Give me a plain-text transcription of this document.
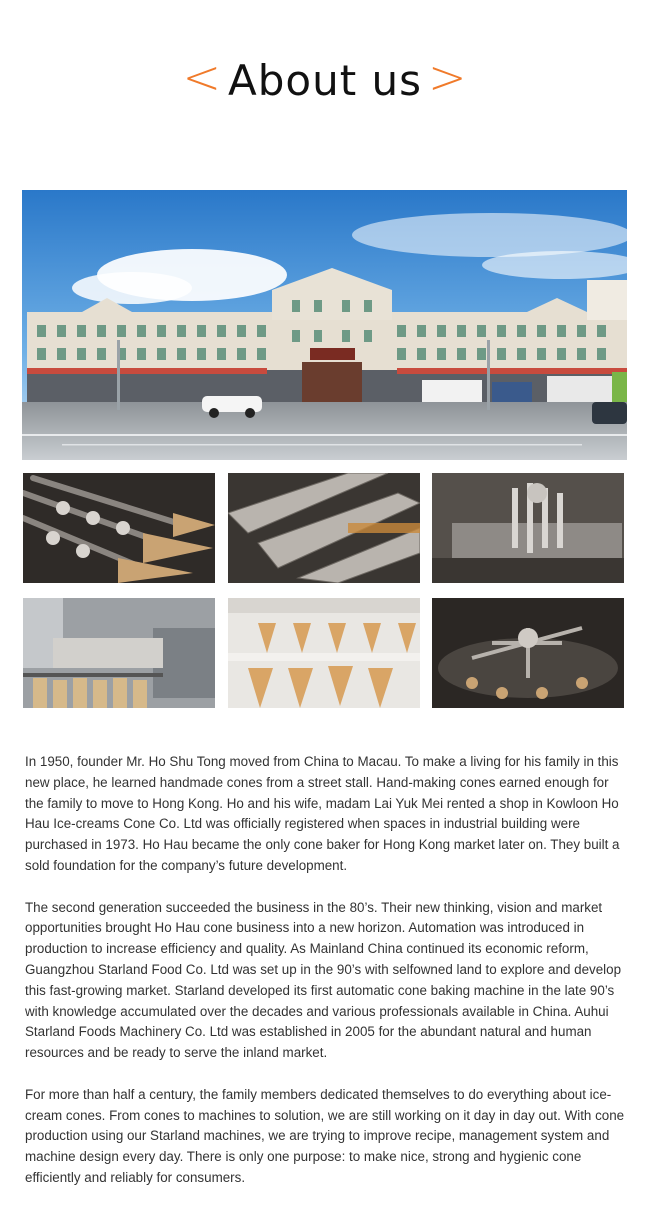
< About us >

In 1950, founder Mr. Ho Shu Tong moved from China to Macau. To make a living for his family in this new place, he learned handmade cones from a street stall. Hand-making cones earned enough for the family to move to Hong Kong. Ho and his wife, madam Lai Yuk Mei rented a shop in Kowloon Ho Hau Ice-creams Cone Co. Ltd was officially registered when spaces in industrial building were purchased in 1973. Ho Hau became the only cone baker for Hong Kong market later on. They built a sold foundation for the company’s future development.

The second generation succeeded the business in the 80’s. Their new thinking, vision and market opportunities brought Ho Hau cone business into a new horizon. Automation was introduced in production to increase efficiency and quality. As Mainland China continued its economic reform, Guangzhou Starland Food Co. Ltd was set up in the 90’s with selfowned land to explore and develop this fast-growing market. Starland developed its first automatic cone baking machine in the late 90’s with knowledge accumulated over the decades and various professionals available in China. Auhui Starland Foods Machinery Co. Ltd was established in 2005 for the abundant natural and human resources and be ready to serve the inland market.

For more than half a century, the family members dedicated themselves to do everything about ice-cream cones. From cones to machines to solution, we are still working on it day in day out. With cone production using our Starland machines, we are trying to improve recipe, management system and machine design every day. There is only one purpose: to make nice, strong and hygienic cone efficiently and reliably for consumers.
